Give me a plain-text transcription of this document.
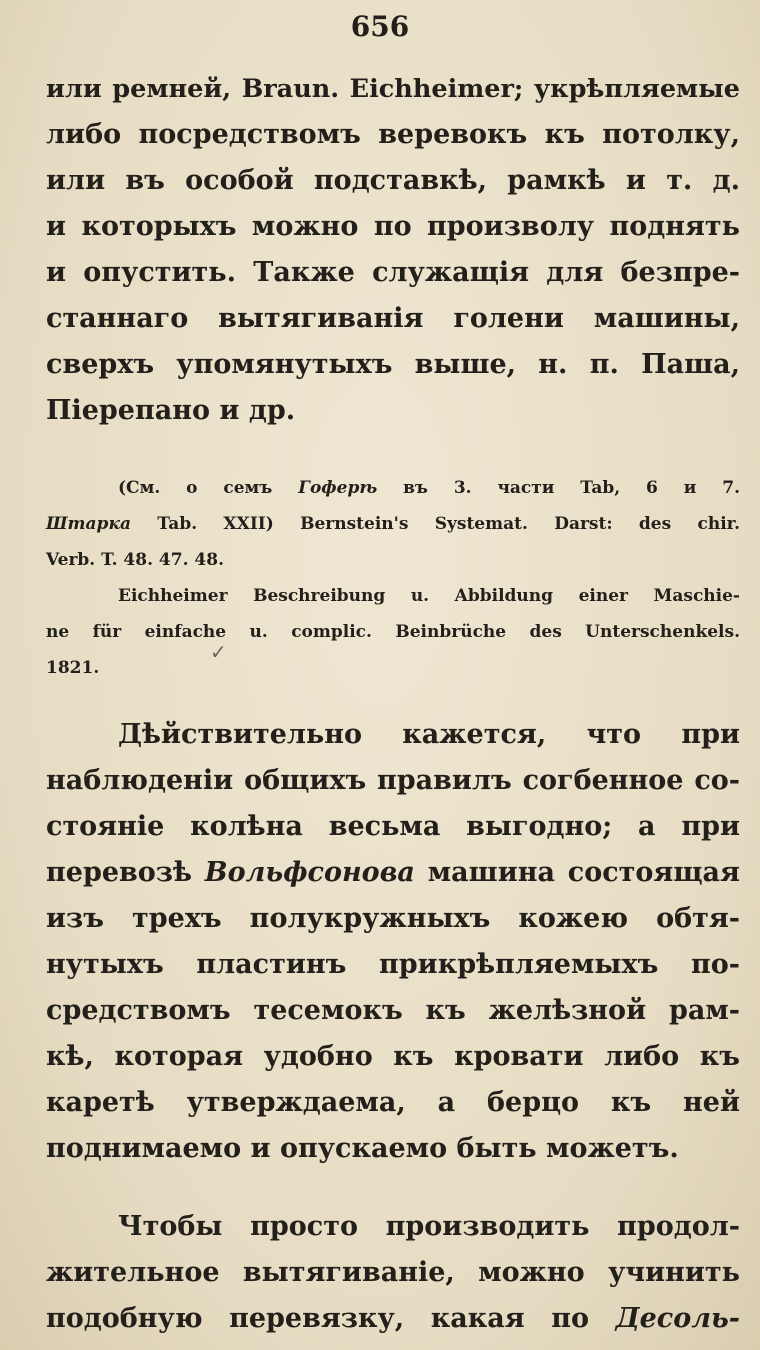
656
или ремней, Braun. Eichheimer; укрѣпляемые
либо посредствомъ веревокъ къ потолку,
или въ особой подставкѣ, рамкѣ и т. д.
и которыхъ можно по произволу поднять
и опустить. Также служащія для безпре-
станнаго вытягиванія голени машины,
сверхъ упомянутыхъ выше, н. п. Паша,
Піерепано и др.
(См. о семъ Гоферѣ въ 3. части Tab, 6 и 7.
Штарка Tab. XXII) Bernstein's Systemat. Darst: des chir.
Verb. T. 48. 47. 48.
Eichheimer Beschreibung u. Abbildung einer Maschie-
ne für einfache u. complic. Beinbrüche des Unterschenkels.
1821.
✓
Дѣйствительно кажется, что при
наблюденіи общихъ правилъ согбенное со-
стояніе колѣна весьма выгодно; а при
перевозѣ Вольфсонова машина состоящая
изъ трехъ полукружныхъ кожею обтя-
нутыхъ пластинъ прикрѣпляемыхъ по-
средствомъ тесемокъ къ желѣзной рам-
кѣ, которая удобно къ кровати либо къ
каретѣ утверждаема, а берцо къ ней
поднимаемо и опускаемо быть можетъ.
Чтобы просто производить продол-
жительное вытягиваніе, можно учинить
подобную перевязку, какая по Десоль-
